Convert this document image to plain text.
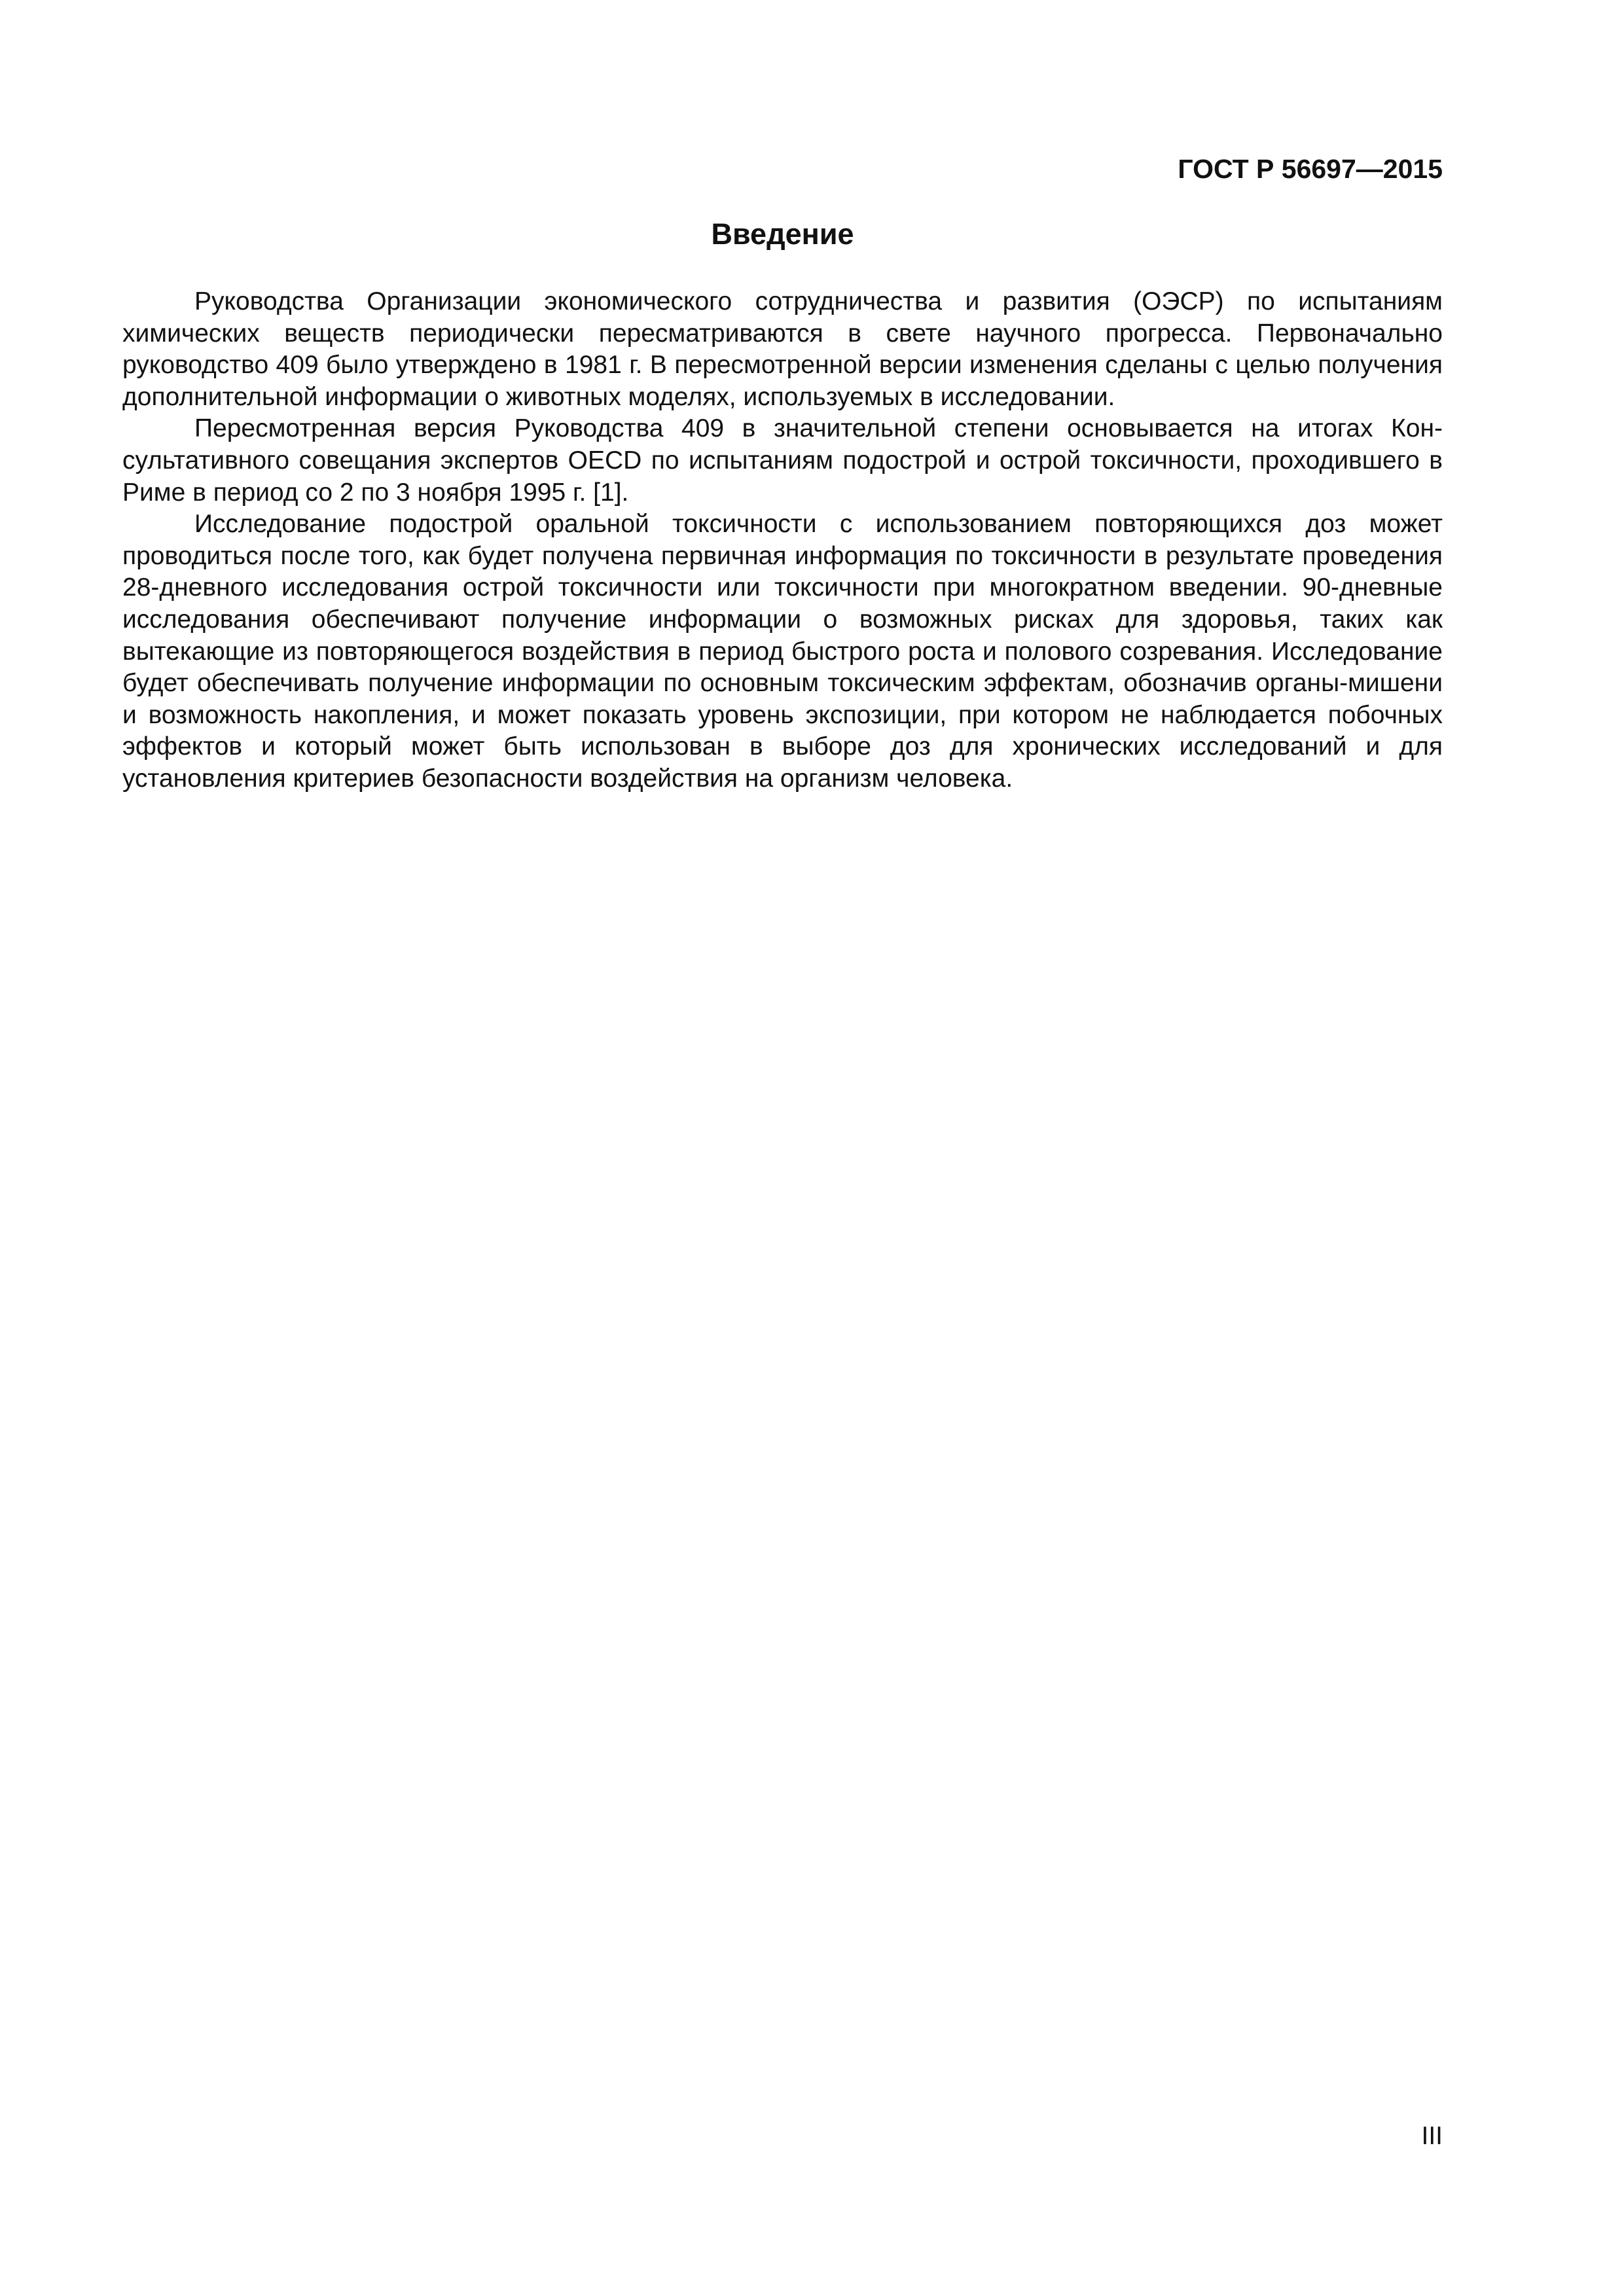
ГОСТ Р 56697—2015
Введение

Руководства Организации экономического сотрудничества и развития (ОЭСР) по испытаниям химических веществ периодически пересматриваются в свете научного прогресса. Первоначально руководство 409 было утверждено в 1981 г. В пересмотренной версии изменения сделаны с целью получения дополнительной информации о животных моделях, используемых в исследовании.

Пересмотренная версия Руководства 409 в значительной степени основывается на итогах Консультативного совещания экспертов OECD по испытаниям подострой и острой токсичности, проходившего в Риме в период со 2 по 3 ноября 1995 г. [1].

Исследование подострой оральной токсичности с использованием повторяющихся доз может проводиться после того, как будет получена первичная информация по токсичности в результате проведения 28-дневного исследования острой токсичности или токсичности при многократном введении. 90-дневные исследования обеспечивают получение информации о возможных рисках для здоровья, таких как вытекающие из повторяющегося воздействия в период быстрого роста и полового созревания. Исследование будет обеспечивать получение информации по основным токсическим эффектам, обозначив органы-мишени и возможность накопления, и может показать уровень экспозиции, при котором не наблюдается побочных эффектов и который может быть использован в выборе доз для хронических исследований и для установления критериев безопасности воздействия на организм человека.

III
